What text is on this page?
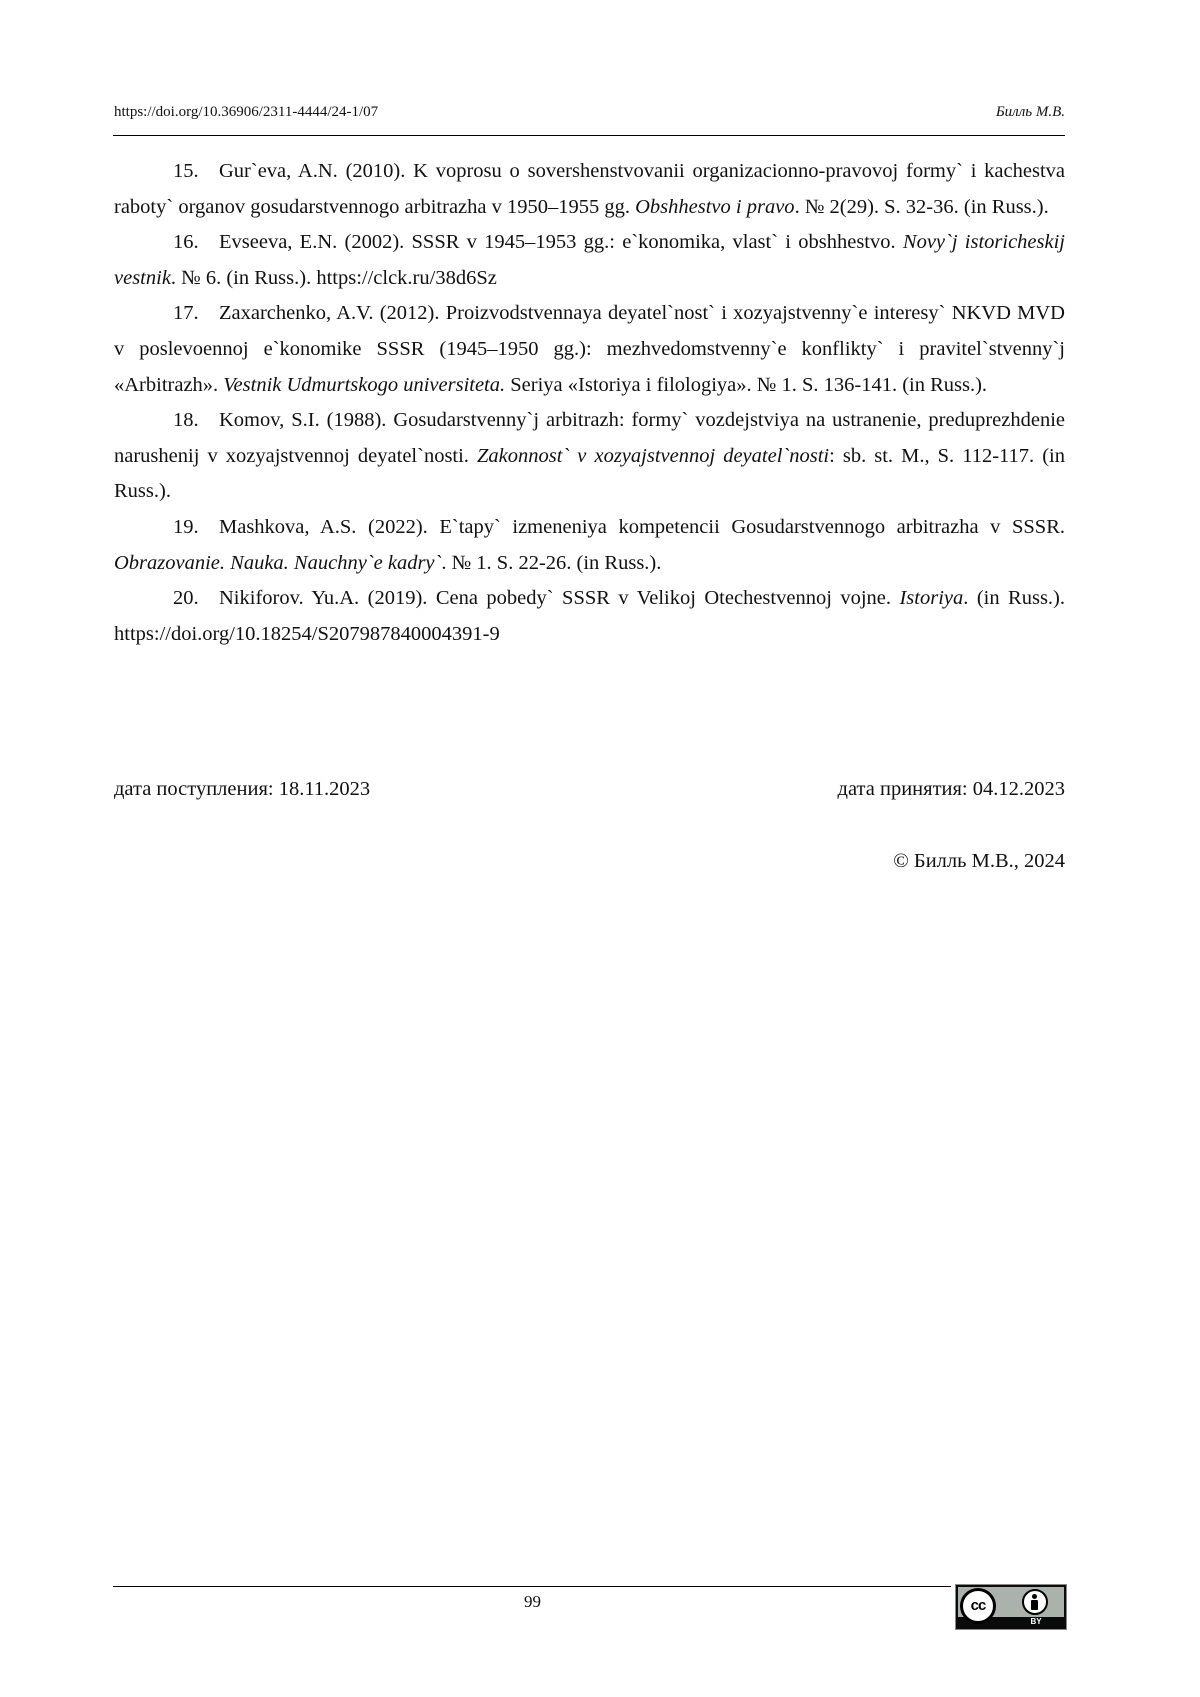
https://doi.org/10.36906/2311-4444/24-1/07	Билль М.В.

15. Gur`eva, A.N. (2010). K voprosu o sovershenstvovanii organizacionno-pravovoj formy` i kachestva raboty` organov gosudarstvennogo arbitrazha v 1950–1955 gg. Obshhestvo i pravo. № 2(29). S. 32-36. (in Russ.).

16. Evseeva, E.N. (2002). SSSR v 1945–1953 gg.: e`konomika, vlast` i obshhestvo. Novy`j istoricheskij vestnik. № 6. (in Russ.). https://clck.ru/38d6Sz

17. Zaxarchenko, A.V. (2012). Proizvodstvennaya deyatel`nost` i xozyajstvenny`e interesy` NKVD MVD v poslevoennoj e`konomike SSSR (1945–1950 gg.): mezhvedomstvenny`e konflikty` i pravitel`stvenny`j «Arbitrazh». Vestnik Udmurtskogo universiteta. Seriya «Istoriya i filologiya». № 1. S. 136-141. (in Russ.).

18. Komov, S.I. (1988). Gosudarstvenny`j arbitrazh: formy` vozdejstviya na ustranenie, preduprezhdenie narushenij v xozyajstvennoj deyatel`nosti. Zakonnost` v xozyajstvennoj deyatel`nosti: sb. st. M., S. 112-117. (in Russ.).

19. Mashkova, A.S. (2022). E`tapy` izmeneniya kompetencii Gosudarstvennogo arbitrazha v SSSR. Obrazovanie. Nauka. Nauchny`e kadry`. № 1. S. 22-26. (in Russ.).

20. Nikiforov. Yu.A. (2019). Cena pobedy` SSSR v Velikoj Otechestvennoj vojne. Istoriya. (in Russ.). https://doi.org/10.18254/S207987840004391-9

дата поступления: 18.11.2023	дата принятия: 04.12.2023
© Билль М.В., 2024
99	cc
BY
